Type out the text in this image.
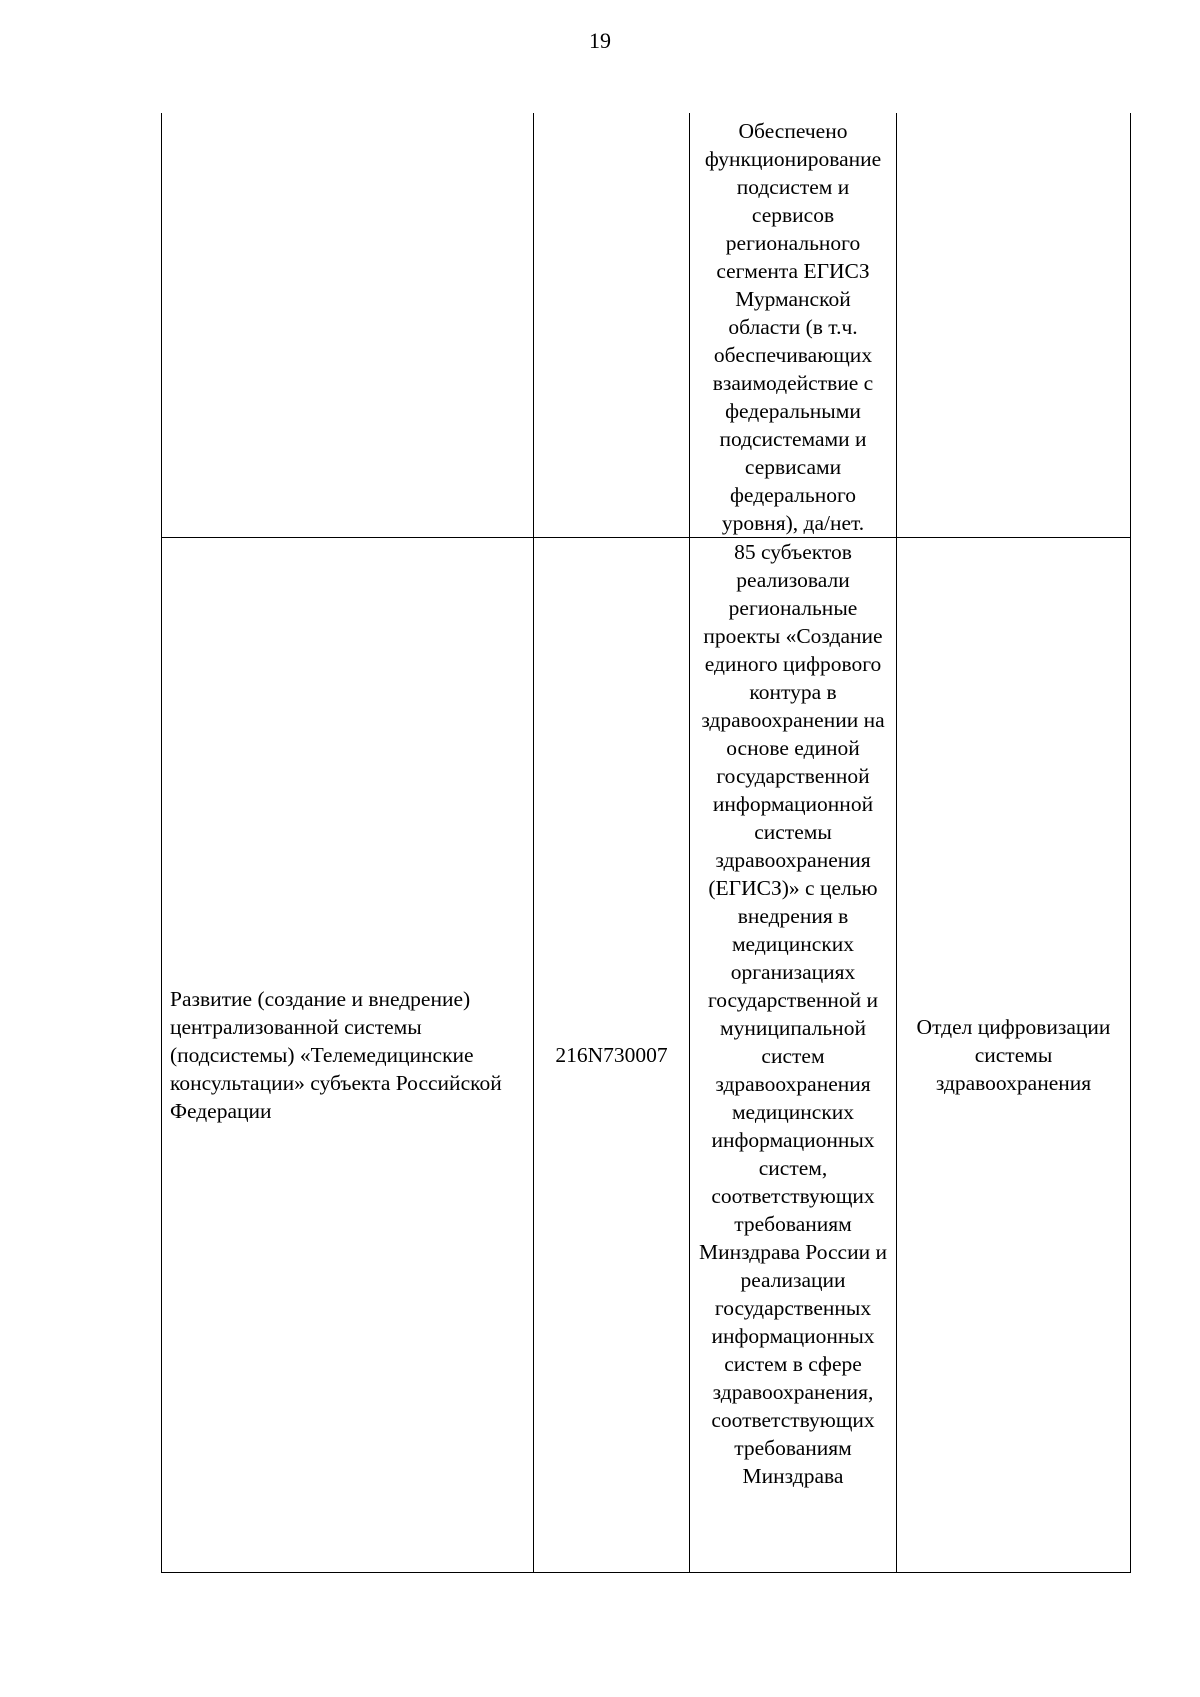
19

		Обеспечено функционирование подсистем и сервисов регионального сегмента ЕГИСЗ Мурманской области (в т.ч. обеспечивающих взаимодействие с федеральными подсистемами и сервисами федерального уровня), да/нет.	

Развитие (создание и внедрение) централизованной системы (подсистемы) «Телемедицинские консультации» субъекта Российской Федерации	216N730007	85 субъектов реализовали региональные проекты «Создание единого цифрового контура в здравоохранении на основе единой государственной информационной системы здравоохранения (ЕГИСЗ)» с целью внедрения в медицинских организациях государственной и муниципальной систем здравоохранения медицинских информационных систем, соответствующих требованиям Минздрава России и реализации государственных информационных систем в сфере здравоохранения, соответствующих требованиям Минздрава	Отдел цифровизации системы здравоохранения
